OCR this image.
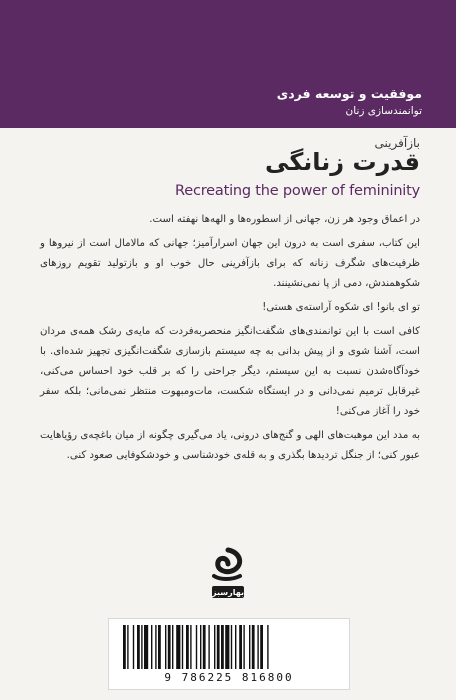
موفقیت و توسعه فردی
توانمندسازی زنان
بازآفرینی
قدرت زنانگی
Recreating the power of femininity

در اعماق وجود هر زن، جهانی از اسطوره‌ها و الهه‌ها نهفته است.

این کتاب، سفری است به درون این جهان اسرارآمیز؛ جهانی که مالامال است از نیروها و ظرفیت‌های شگرف زنانه که برای بازآفرینی حال خوب او و بازتولید تقویم روزهای شکوهمندش، دمی از پا نمی‌نشینند.

تو ای بانو! ای شکوه آراسته‌ی هستی!

کافی است با این توانمندی‌های شگفت‌انگیز منحصربه‌فردت که مایه‌ی رشک همه‌ی مردان است، آشنا شوی و از پیش بدانی به چه سیستم بازسازی شگفت‌انگیزی تجهیز شده‌ای. با خودآگاه‌شدن نسبت به این سیستم، دیگر جراحتی را که بر قلب خود احساس می‌کنی، غیرقابل ترمیم نمی‌دانی و در ایستگاه شکست، مات‌ومبهوت منتظر نمی‌مانی؛ بلکه سفر خود را آغاز می‌کنی!

به مدد این موهبت‌های الهی و گنج‌های درونی، یاد می‌گیری چگونه از میان باغچه‌ی رؤیاهایت عبور کنی؛ از جنگل تردیدها بگذری و به قله‌ی خودشناسی و خودشکوفایی صعود کنی.

بهارسبز
9 786225 816800
